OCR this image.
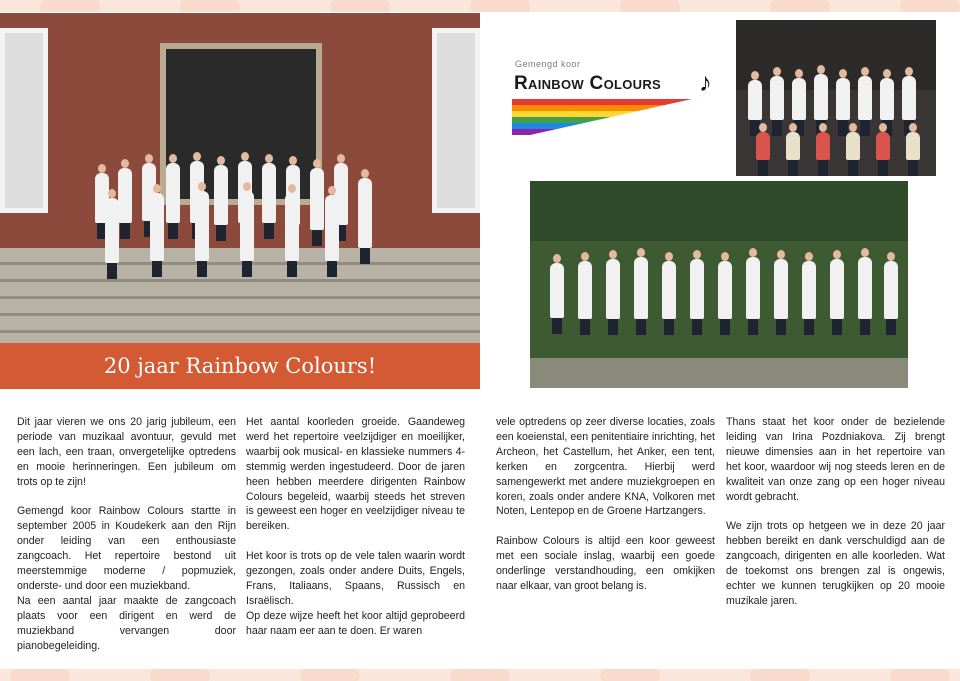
20 jaar Rainbow Colours!
Gemengd koor
Rainbow Colours ♪

Dit jaar vieren we ons 20 jarig jubileum, een periode van muzikaal avontuur, gevuld met een lach, een traan, onvergetelijke optredens en mooie herinneringen. Een jubileum om trots op te zijn!

Gemengd koor Rainbow Colours startte in september 2005 in Koudekerk aan den Rijn onder leiding van een enthousiaste zangcoach. Het repertoire bestond uit meerstemmige moderne / popmuziek, onderste- und door een muziekband.

Na een aantal jaar maakte de zangcoach plaats voor een dirigent en werd de muziekband vervangen door pianobegeleiding.

Het aantal koorleden groeide. Gaandeweg werd het repertoire veelzijdiger en moeilijker, waarbij ook musical- en klassieke nummers 4-stemmig werden ingestudeerd. Door de jaren heen hebben meerdere dirigenten Rainbow Colours begeleid, waarbij steeds het streven is geweest een hoger en veelzijdiger niveau te bereiken.

Het koor is trots op de vele talen waarin wordt gezongen, zoals onder andere Duits, Engels, Frans, Italiaans, Spaans, Russisch en Israëlisch.

Op deze wijze heeft het koor altijd geprobeerd haar naam eer aan te doen. Er waren

vele optredens op zeer diverse locaties, zoals een koeienstal, een penitentiaire inrichting, het Archeon, het Castellum, het Anker, een tent, kerken en zorgcentra. Hierbij werd samengewerkt met andere muziekgroepen en koren, zoals onder andere KNA, Volkoren met Noten, Lentepop en de Groene Hartzangers.

Rainbow Colours is altijd een koor geweest met een sociale inslag, waarbij een goede onderlinge verstandhouding, een omkijken naar elkaar, van groot belang is.

Thans staat het koor onder de bezielende leiding van Irina Pozdniakova. Zij brengt nieuwe dimensies aan in het repertoire van het koor, waardoor wij nog steeds leren en de kwaliteit van onze zang op een hoger niveau wordt gebracht.

We zijn trots op hetgeen we in deze 20 jaar hebben bereikt en dank verschuldigd aan de zangcoach, dirigenten en alle koorleden. Wat de toekomst ons brengen zal is ongewis, echter we kunnen terugkijken op 20 mooie muzikale jaren.
